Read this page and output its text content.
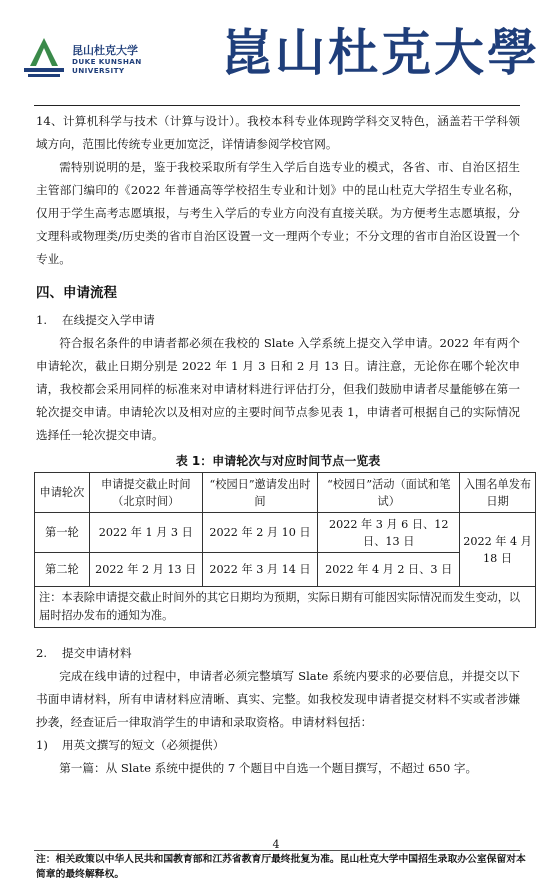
昆山杜克大学
DUKE KUNSHAN
UNIVERSITY	崑山杜克大學

14、计算机科学与技术（计算与设计）。我校本科专业体现跨学科交叉特色，涵盖若干学科领域方向，范围比传统专业更加宽泛，详情请参阅学校官网。

需特别说明的是，鉴于我校采取所有学生入学后自选专业的模式，各省、市、自治区招生主管部门编印的《2022 年普通高等学校招生专业和计划》中的昆山杜克大学招生专业名称，仅用于学生高考志愿填报，与考生入学后的专业方向没有直接关联。为方便考生志愿填报，分文理科或物理类/历史类的省市自治区设置一文一理两个专业；不分文理的省市自治区设置一个专业。

四、申请流程
1.	在线提交入学申请

符合报名条件的申请者都必须在我校的 Slate 入学系统上提交入学申请。2022 年有两个申请轮次，截止日期分别是 2022 年 1 月 3 日和 2 月 13 日。请注意，无论你在哪个轮次申请，我校都会采用同样的标准来对申请材料进行评估打分，但我们鼓励申请者尽量能够在第一轮次提交申请。申请轮次以及相对应的主要时间节点参见表 1，申请者可根据自己的实际情况选择任一轮次提交申请。

表 1：申请轮次与对应时间节点一览表
申请轮次	申请提交截止时间（北京时间）	“校园日”邀请发出时间	“校园日”活动（面试和笔试）	入围名单发布日期
第一轮	2022 年 1 月 3 日	2022 年 2 月 10 日	2022 年 3 月 6 日、12 日、13 日	2022 年 4 月 18 日
第二轮	2022 年 2 月 13 日	2022 年 3 月 14 日	2022 年 4 月 2 日、3 日	
注：本表除申请提交截止时间外的其它日期均为预期，实际日期有可能因实际情况而发生变动，以届时招办发布的通知为准。				
2.	提交申请材料

完成在线申请的过程中，申请者必须完整填写 Slate 系统内要求的必要信息，并提交以下书面申请材料，所有申请材料应清晰、真实、完整。如我校发现申请者提交材料不实或者涉嫌抄袭，经查证后一律取消学生的申请和录取资格。申请材料包括：

1)	用英文撰写的短文（必须提供）

第一篇：从 Slate 系统中提供的 7 个题目中自选一个题目撰写，不超过 650 字。

4
注：相关政策以中华人民共和国教育部和江苏省教育厅最终批复为准。昆山杜克大学中国招生录取办公室保留对本简章的最终解释权。
